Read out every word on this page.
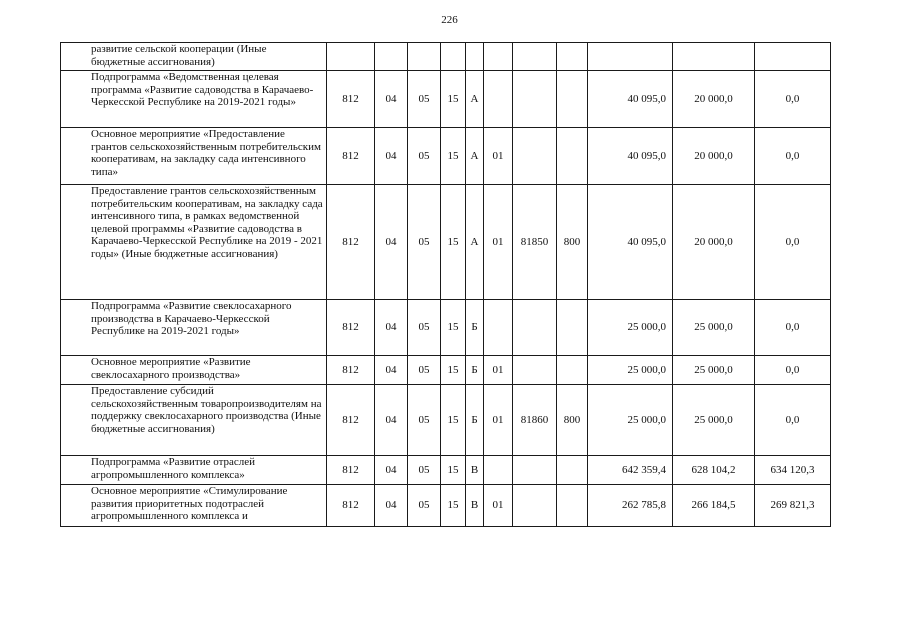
226
развитие сельской кооперации (Иные бюджетные ассигнования)											
Подпрограмма «Ведомственная целевая программа «Развитие садоводства в Карачаево-Черкесской Республике на 2019-2021 годы»	812	04	05	15	А				40 095,0	20 000,0	0,0
Основное мероприятие «Предоставление грантов сельскохозяйственным потребительским кооперативам, на закладку сада интенсивного типа»	812	04	05	15	А	01			40 095,0	20 000,0	0,0
Предоставление грантов сельскохозяйственным потребительским кооперативам, на закладку сада интенсивного типа, в рамках ведомственной целевой программы «Развитие садоводства в Карачаево-Черкесской Республике на 2019 - 2021 годы» (Иные бюджетные ассигнования)	812	04	05	15	А	01	81850	800	40 095,0	20 000,0	0,0
Подпрограмма «Развитие свеклосахарного производства в Карачаево-Черкесской Республике на 2019-2021 годы»	812	04	05	15	Б				25 000,0	25 000,0	0,0
Основное мероприятие «Развитие свеклосахарного производства»	812	04	05	15	Б	01			25 000,0	25 000,0	0,0
Предоставление субсидий сельскохозяйственным товаропроизводителям на поддержку свеклосахарного производства (Иные бюджетные ассигнования)	812	04	05	15	Б	01	81860	800	25 000,0	25 000,0	0,0
Подпрограмма «Развитие отраслей агропромышленного комплекса»	812	04	05	15	В				642 359,4	628 104,2	634 120,3
Основное мероприятие «Стимулирование развития приоритетных подотраслей агропромышленного комплекса и	812	04	05	15	В	01			262 785,8	266 184,5	269 821,3
